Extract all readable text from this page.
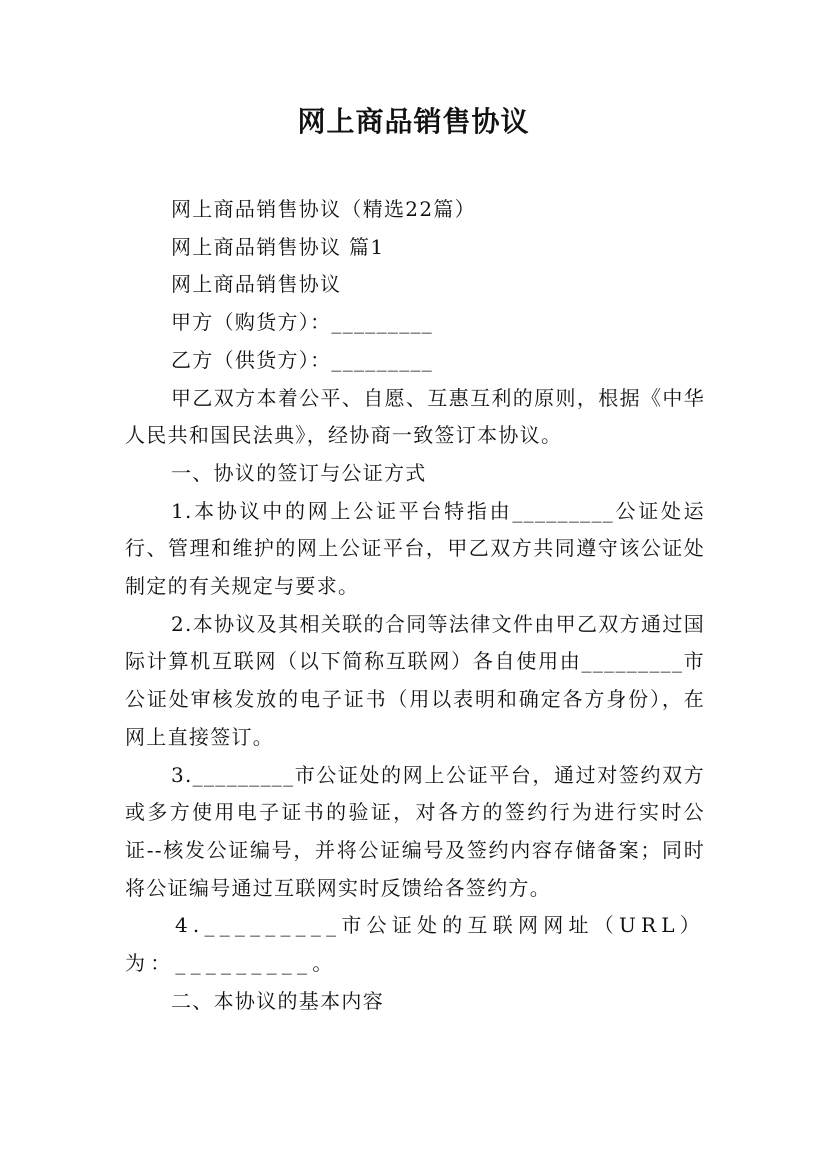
网上商品销售协议

网上商品销售协议（精选22篇）

网上商品销售协议 篇1

网上商品销售协议

甲方（购货方）：_________

乙方（供货方）：_________

甲乙双方本着公平、自愿、互惠互利的原则，根据《中华人民共和国民法典》，经协商一致签订本协议。

一、协议的签订与公证方式

1.本协议中的网上公证平台特指由_________公证处运行、管理和维护的网上公证平台，甲乙双方共同遵守该公证处制定的有关规定与要求。

2.本协议及其相关联的合同等法律文件由甲乙双方通过国际计算机互联网（以下简称互联网）各自使用由_________市公证处审核发放的电子证书（用以表明和确定各方身份），在网上直接签订。

3._________市公证处的网上公证平台，通过对签约双方或多方使用电子证书的验证，对各方的签约行为进行实时公证--核发公证编号，并将公证编号及签约内容存储备案；同时将公证编号通过互联网实时反馈给各签约方。

4._________市公证处的互联网网址（URL）为：_________。

二、本协议的基本内容
